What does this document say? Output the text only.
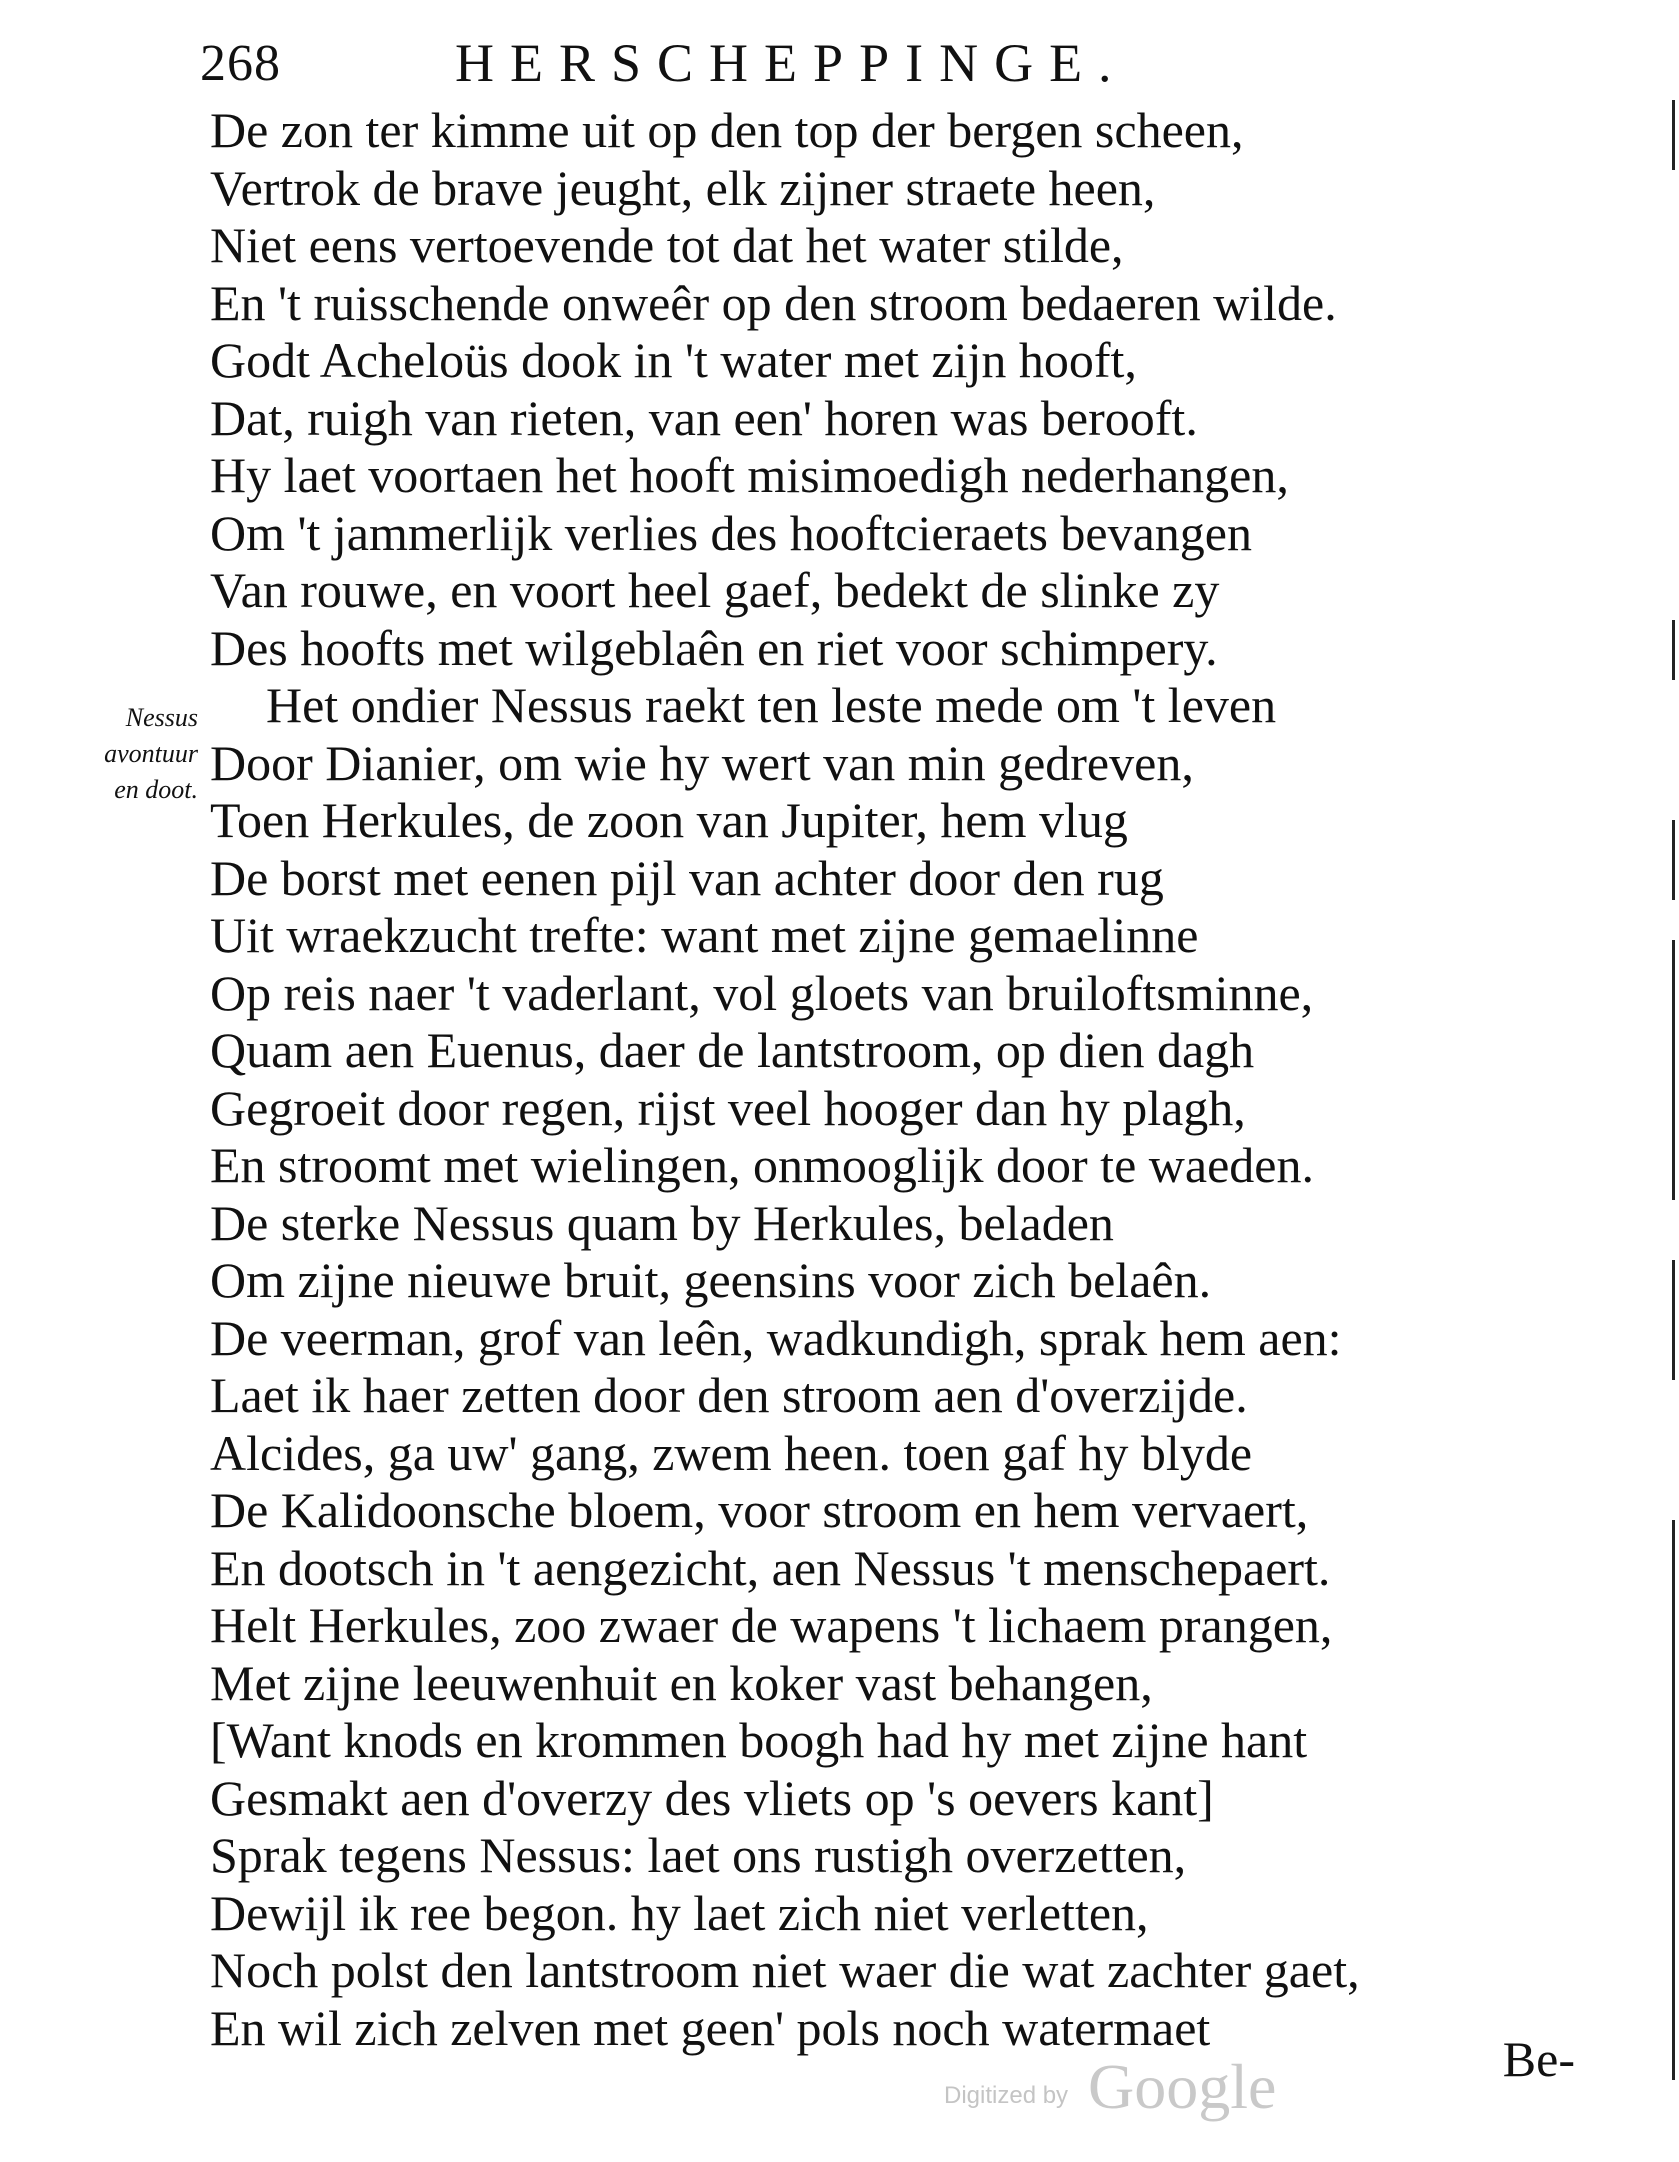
268	HERSCHEPPINGE.
Nessus
avontuur
en doot.
De zon ter kimme uit op den top der bergen scheen,
Vertrok de brave jeught, elk zijner straete heen,
Niet eens vertoevende tot dat het water stilde,
En 't ruisschende onweêr op den stroom bedaeren wilde.
Godt Acheloüs dook in 't water met zijn hooft,
Dat, ruigh van rieten, van een' horen was berooft.
Hy laet voortaen het hooft misimoedigh nederhangen,
Om 't jammerlijk verlies des hooftcieraets bevangen
Van rouwe, en voort heel gaef, bedekt de slinke zy
Des hoofts met wilgeblaên en riet voor schimpery.
Het ondier Nessus raekt ten leste mede om 't leven
Door Dianier, om wie hy wert van min gedreven,
Toen Herkules, de zoon van Jupiter, hem vlug
De borst met eenen pijl van achter door den rug
Uit wraekzucht trefte: want met zijne gemaelinne
Op reis naer 't vaderlant, vol gloets van bruiloftsminne,
Quam aen Euenus, daer de lantstroom, op dien dagh
Gegroeit door regen, rijst veel hooger dan hy plagh,
En stroomt met wielingen, onmooglijk door te waeden.
De sterke Nessus quam by Herkules, beladen
Om zijne nieuwe bruit, geensins voor zich belaên.
De veerman, grof van leên, wadkundigh, sprak hem aen:
Laet ik haer zetten door den stroom aen d'overzijde.
Alcides, ga uw' gang, zwem heen. toen gaf hy blyde
De Kalidoonsche bloem, voor stroom en hem vervaert,
En dootsch in 't aengezicht, aen Nessus 't menschepaert.
Helt Herkules, zoo zwaer de wapens 't lichaem prangen,
Met zijne leeuwenhuit en koker vast behangen,
[Want knods en krommen boogh had hy met zijne hant
Gesmakt aen d'overzy des vliets op 's oevers kant]
Sprak tegens Nessus: laet ons rustigh overzetten,
Dewijl ik ree begon. hy laet zich niet verletten,
Noch polst den lantstroom niet waer die wat zachter gaet,
En wil zich zelven met geen' pols noch watermaet
Be-
Digitized by Google
